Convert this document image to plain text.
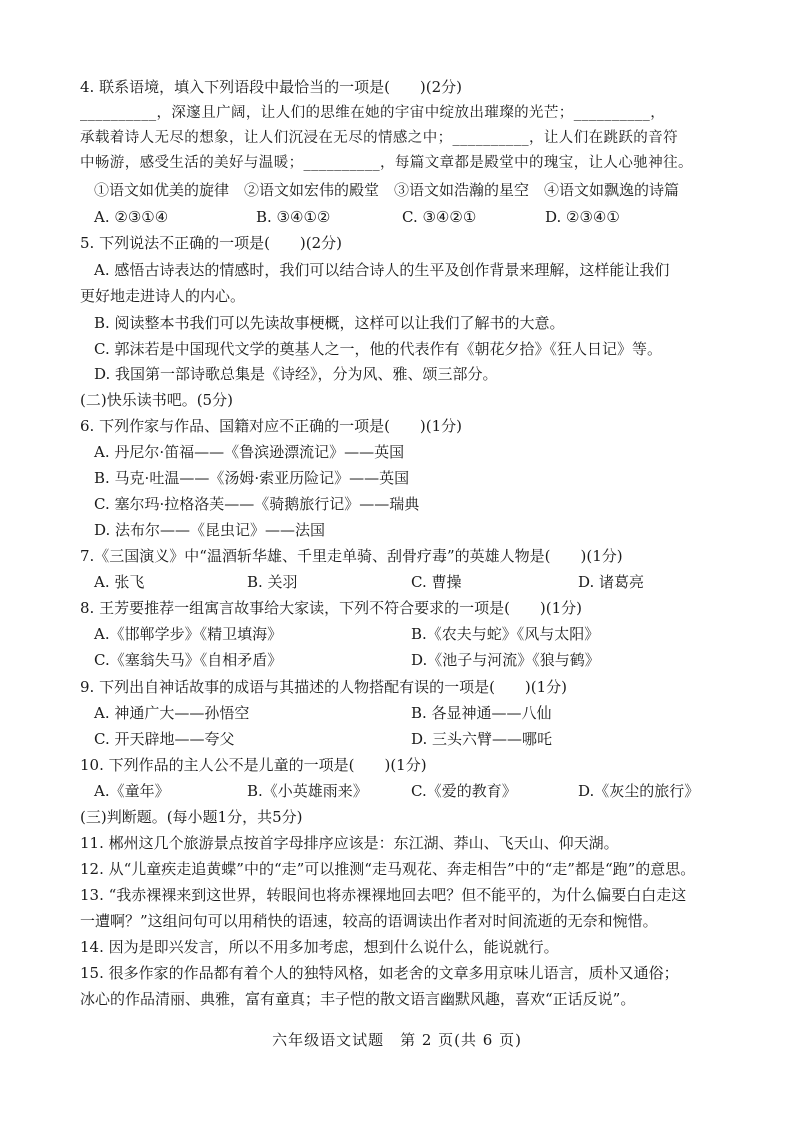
4. 联系语境，填入下列语段中最恰当的一项是(　　)(2分)
__________，深邃且广阔，让人们的思维在她的宇宙中绽放出璀璨的光芒；__________，
承载着诗人无尽的想象，让人们沉浸在无尽的情感之中；__________，让人们在跳跃的音符
中畅游，感受生活的美好与温暖；__________，每篇文章都是殿堂中的瑰宝，让人心驰神往。
①语文如优美的旋律　②语文如宏伟的殿堂　③语文如浩瀚的星空　④语文如飘逸的诗篇
A. ②③①④	B. ③④①②	C. ③④②①	D. ②③④①
5. 下列说法不正确的一项是(　　)(2分)
A. 感悟古诗表达的情感时，我们可以结合诗人的生平及创作背景来理解，这样能让我们
更好地走进诗人的内心。
B. 阅读整本书我们可以先读故事梗概，这样可以让我们了解书的大意。
C. 郭沫若是中国现代文学的奠基人之一，他的代表作有《朝花夕拾》《狂人日记》等。
D. 我国第一部诗歌总集是《诗经》，分为风、雅、颂三部分。
(二)快乐读书吧。(5分)
6. 下列作家与作品、国籍对应不正确的一项是(　　)(1分)
A. 丹尼尔·笛福——《鲁滨逊漂流记》——英国
B. 马克·吐温——《汤姆·索亚历险记》——英国
C. 塞尔玛·拉格洛芙——《骑鹅旅行记》——瑞典
D. 法布尔——《昆虫记》——法国
7.《三国演义》中“温酒斩华雄、千里走单骑、刮骨疗毒”的英雄人物是(　　)(1分)
A. 张飞	B. 关羽	C. 曹操	D. 诸葛亮
8. 王芳要推荐一组寓言故事给大家读，下列不符合要求的一项是(　　)(1分)
A.《邯郸学步》《精卫填海》	B.《农夫与蛇》《风与太阳》
C.《塞翁失马》《自相矛盾》	D.《池子与河流》《狼与鹤》
9. 下列出自神话故事的成语与其描述的人物搭配有误的一项是(　　)(1分)
A. 神通广大——孙悟空	B. 各显神通——八仙
C. 开天辟地——夸父	D. 三头六臂——哪吒
10. 下列作品的主人公不是儿童的一项是(　　)(1分)
A.《童年》	B.《小英雄雨来》	C.《爱的教育》	D.《灰尘的旅行》
(三)判断题。(每小题1分，共5分)
11. 郴州这几个旅游景点按首字母排序应该是：东江湖、莽山、飞天山、仰天湖。
12. 从“儿童疾走追黄蝶”中的“走”可以推测“走马观花、奔走相告”中的“走”都是“跑”的意思。
13. “我赤裸裸来到这世界，转眼间也将赤裸裸地回去吧？但不能平的，为什么偏要白白走这
一遭啊？”这组问句可以用稍快的语速，较高的语调读出作者对时间流逝的无奈和惋惜。
14. 因为是即兴发言，所以不用多加考虑，想到什么说什么，能说就行。
15. 很多作家的作品都有着个人的独特风格，如老舍的文章多用京味儿语言，质朴又通俗；
冰心的作品清丽、典雅，富有童真；丰子恺的散文语言幽默风趣，喜欢“正话反说”。
六年级语文试题　第 2 页(共 6 页)
